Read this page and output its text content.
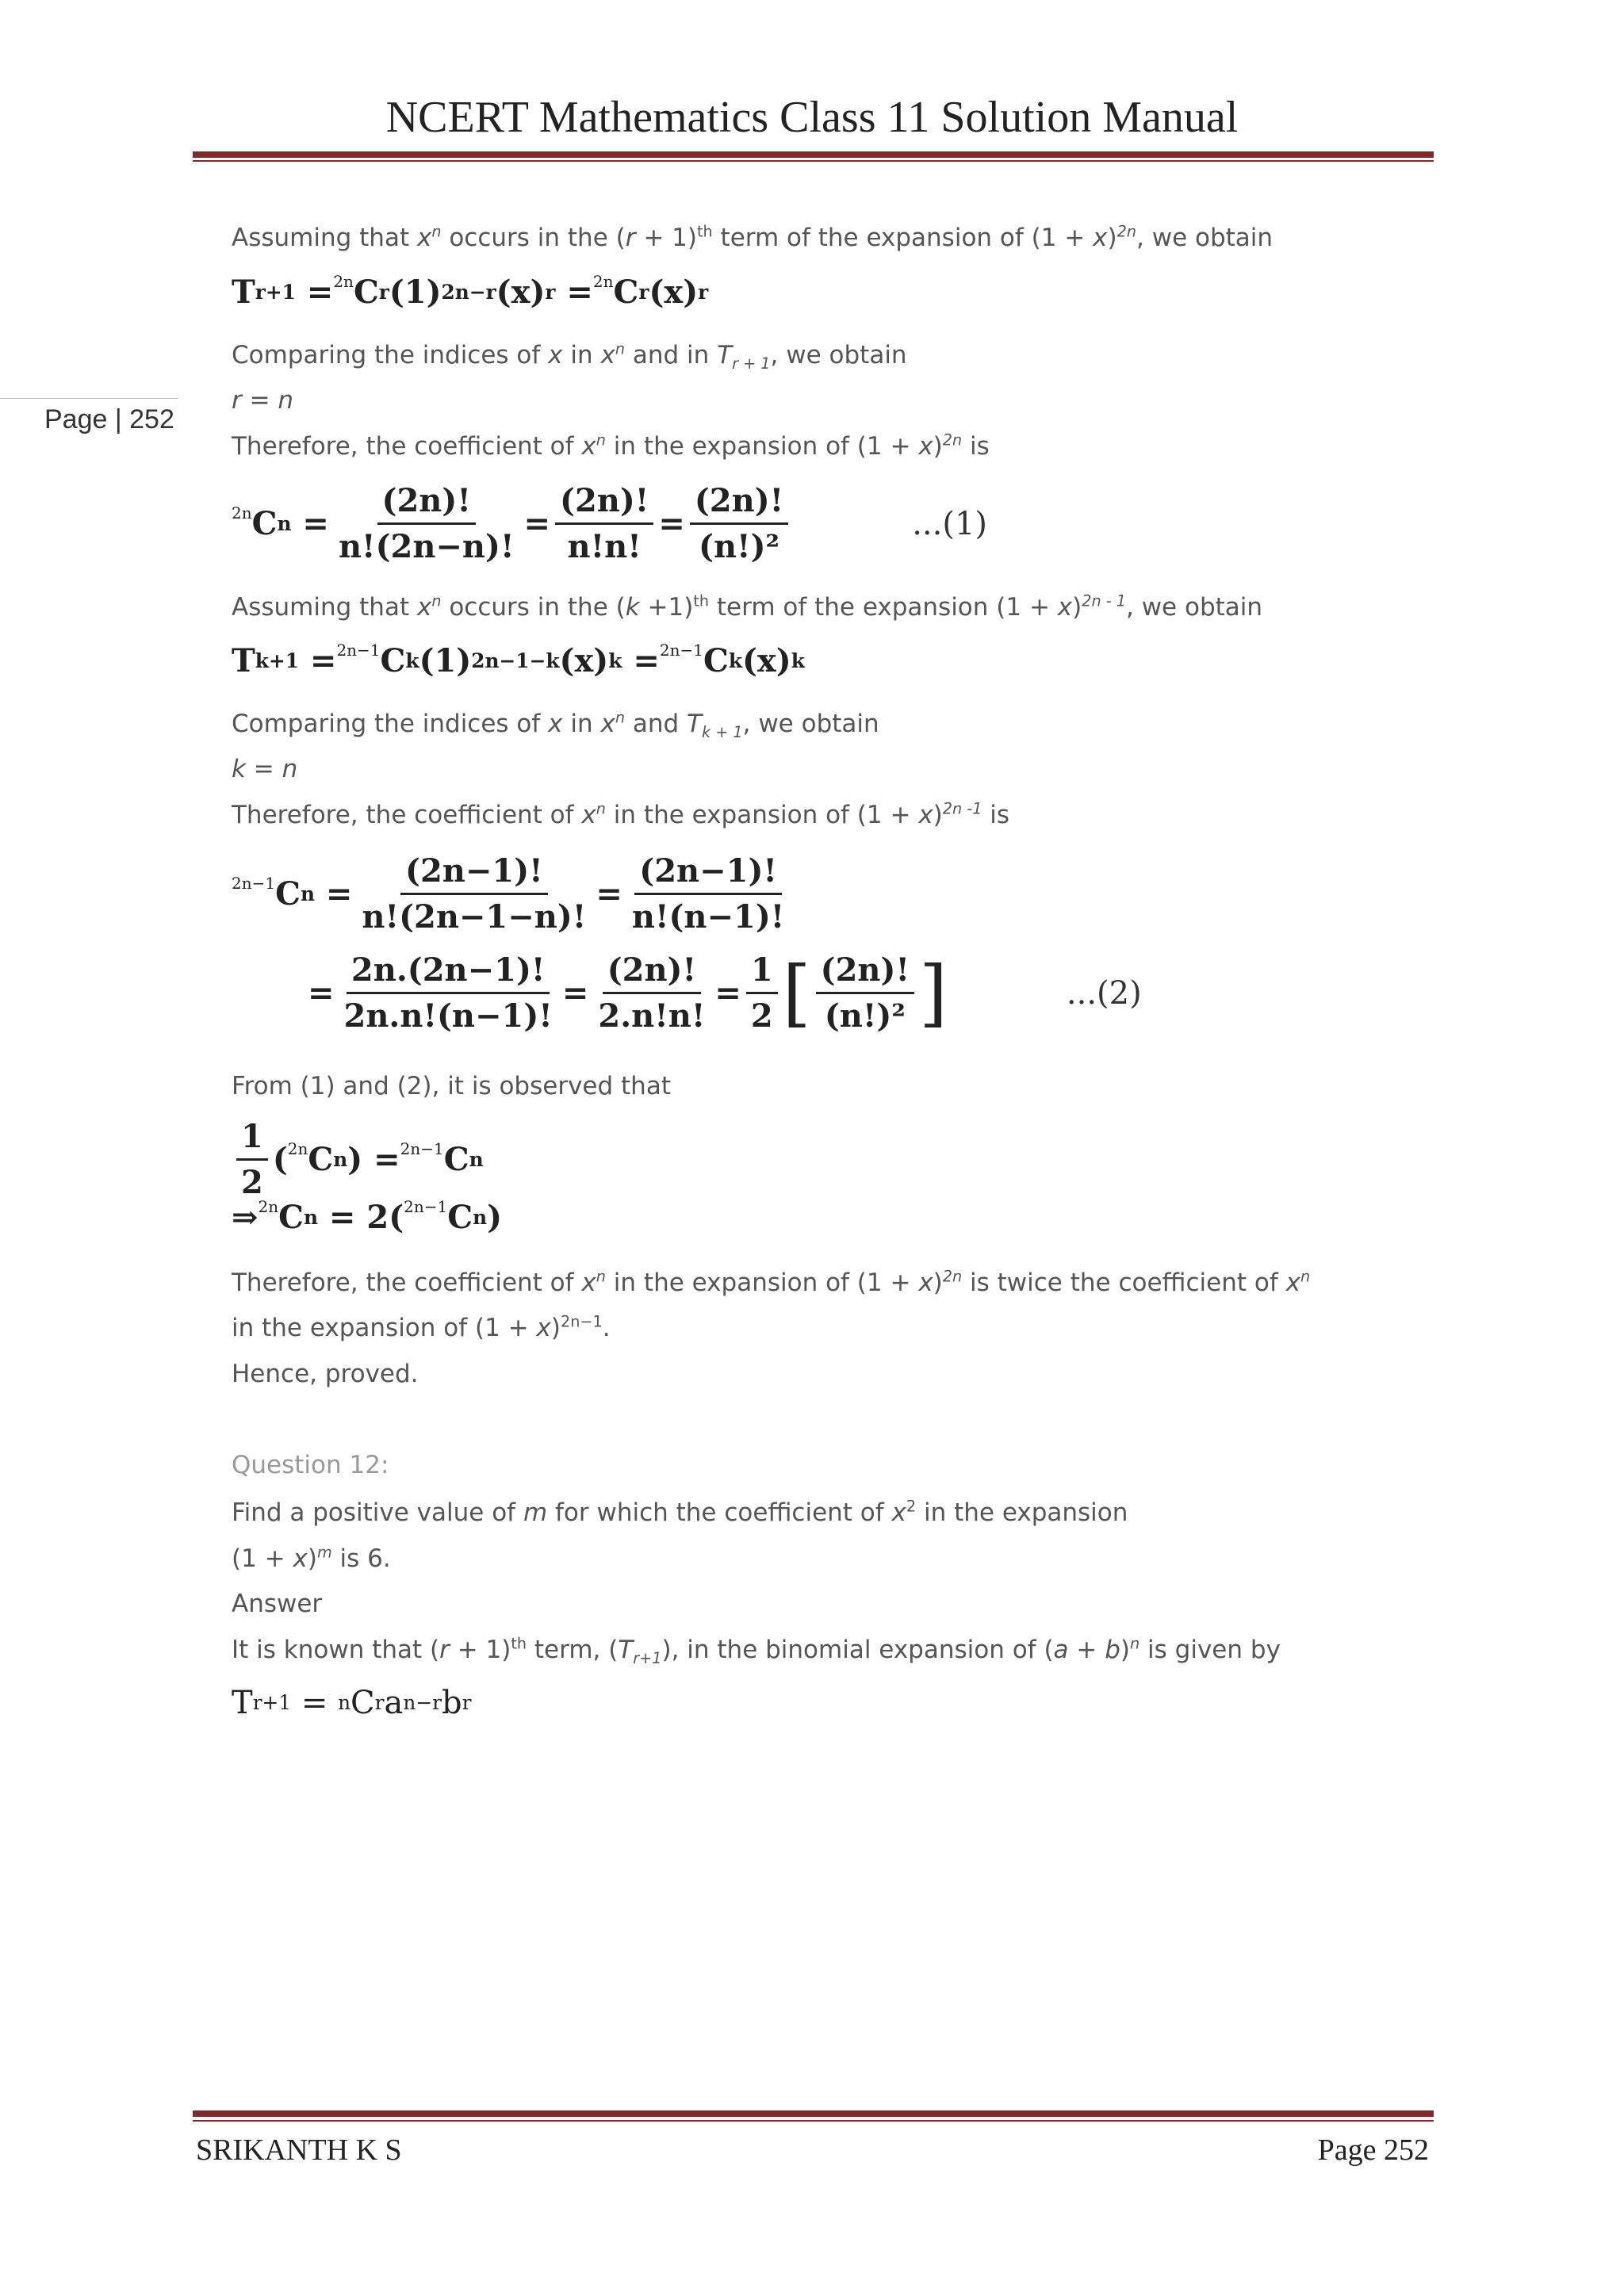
NCERT Mathematics Class 11 Solution Manual
Page | 252
Assuming that $x^n$ occurs in the $(r + 1)^{th}$ term of the expansion of $(1 + x)^{2n}$, we obtain
T r+1 = 2n C r (1) 2n−r (x) r = 2n C r (x) r
Comparing the indices of x in $x^n$ and in $T_{r + 1}$, we obtain
r = n
Therefore, the coefficient of $x^n$ in the expansion of $(1 + x)^{2n}$ is
2n C $n = \frac{(2n)!}{n!(2n-n)!} = \frac{(2n)!}{n!n!} = \frac{(2n)!}{\text{(n!)²}}$	...(1)
Assuming that $x^n$ occurs in the $(k +1)^{th}$ term of the expansion $(1 + x)^{2n - 1}$, we obtain
T k+1 = 2n−1 C k (1) 2n−1−k (x) k = 2n−1 C k (x) k
Comparing the indices of x in $x^n$ and $T_{k + 1}$, we obtain
k = n
Therefore, the coefficient of $x^n$ in the expansion of $(1 + x)^{2n -1}$ is
2n−1 C $n = \frac{(2n-1)!}{n!(2n-1-n)!} = \frac{(2n-1)!}{n!(n-1)!}$
= $\frac{2n.(2n-1)!}{2n.n!(n-1)!} = \frac{(2n)!}{2.n!n!} = \frac{1}{2}$ [ $\frac{(2n)!}{\text{(n!)²}}$ ]	...(2)
From (1) and (2), it is observed that
$\frac{1}{2}$ ( 2n C n ) = 2n−1 C n
⇒ 2n C n = 2 ( 2n−1 C n )
Therefore, the coefficient of $x^n$ in the expansion of $(1 + x)^{2n}$ is twice the coefficient of $x^n$
in the expansion of $(1 + x)^{2n-1}$.
Hence, proved.
Question 12:
Find a positive value of m for which the coefficient of $x^2$ in the expansion
$(1 + x)^m$ is 6.
Answer
It is known that $(r + 1)^{th}$ term, $(T_{r+1})$, in the binomial expansion of $(a + b)^n$ is given by
T r+1 = n C r a n−r b r
SRIKANTH K S	Page 252
